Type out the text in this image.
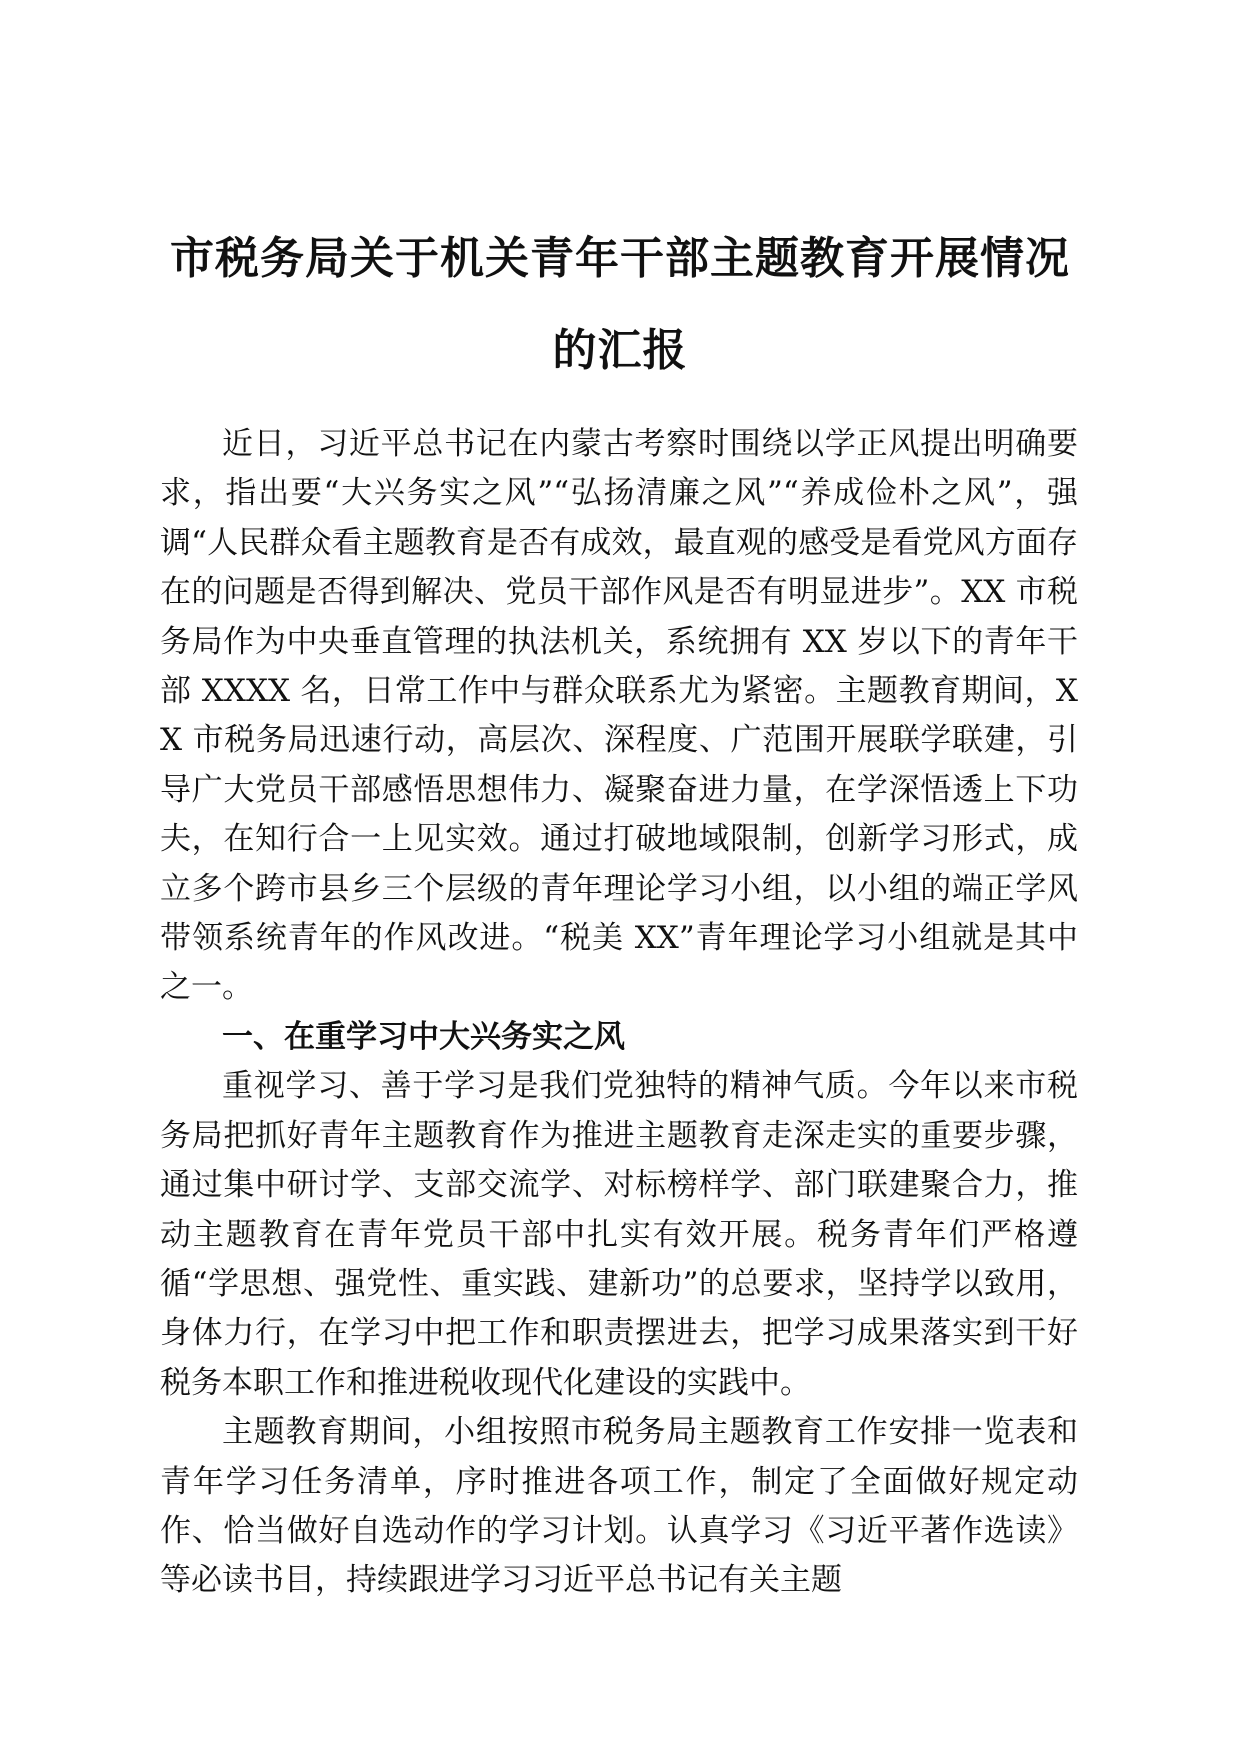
市税务局关于机关青年干部主题教育开展情况
的汇报

近日，习近平总书记在内蒙古考察时围绕以学正风提出明确要求，指出要“大兴务实之风”“弘扬清廉之风”“养成俭朴之风”，强调“人民群众看主题教育是否有成效，最直观的感受是看党风方面存在的问题是否得到解决、党员干部作风是否有明显进步”。XX 市税务局作为中央垂直管理的执法机关，系统拥有 XX 岁以下的青年干部 XXXX 名，日常工作中与群众联系尤为紧密。主题教育期间，XX 市税务局迅速行动，高层次、深程度、广范围开展联学联建，引导广大党员干部感悟思想伟力、凝聚奋进力量，在学深悟透上下功夫，在知行合一上见实效。通过打破地域限制，创新学习形式，成立多个跨市县乡三个层级的青年理论学习小组，以小组的端正学风带领系统青年的作风改进。“税美 XX”青年理论学习小组就是其中之一。

一、在重学习中大兴务实之风

重视学习、善于学习是我们党独特的精神气质。今年以来市税务局把抓好青年主题教育作为推进主题教育走深走实的重要步骤，通过集中研讨学、支部交流学、对标榜样学、部门联建聚合力，推动主题教育在青年党员干部中扎实有效开展。税务青年们严格遵循“学思想、强党性、重实践、建新功”的总要求，坚持学以致用，身体力行，在学习中把工作和职责摆进去，把学习成果落实到干好税务本职工作和推进税收现代化建设的实践中。

主题教育期间，小组按照市税务局主题教育工作安排一览表和青年学习任务清单，序时推进各项工作，制定了全面做好规定动作、恰当做好自选动作的学习计划。认真学习《习近平著作选读》等必读书目，持续跟进学习习近平总书记有关主题
